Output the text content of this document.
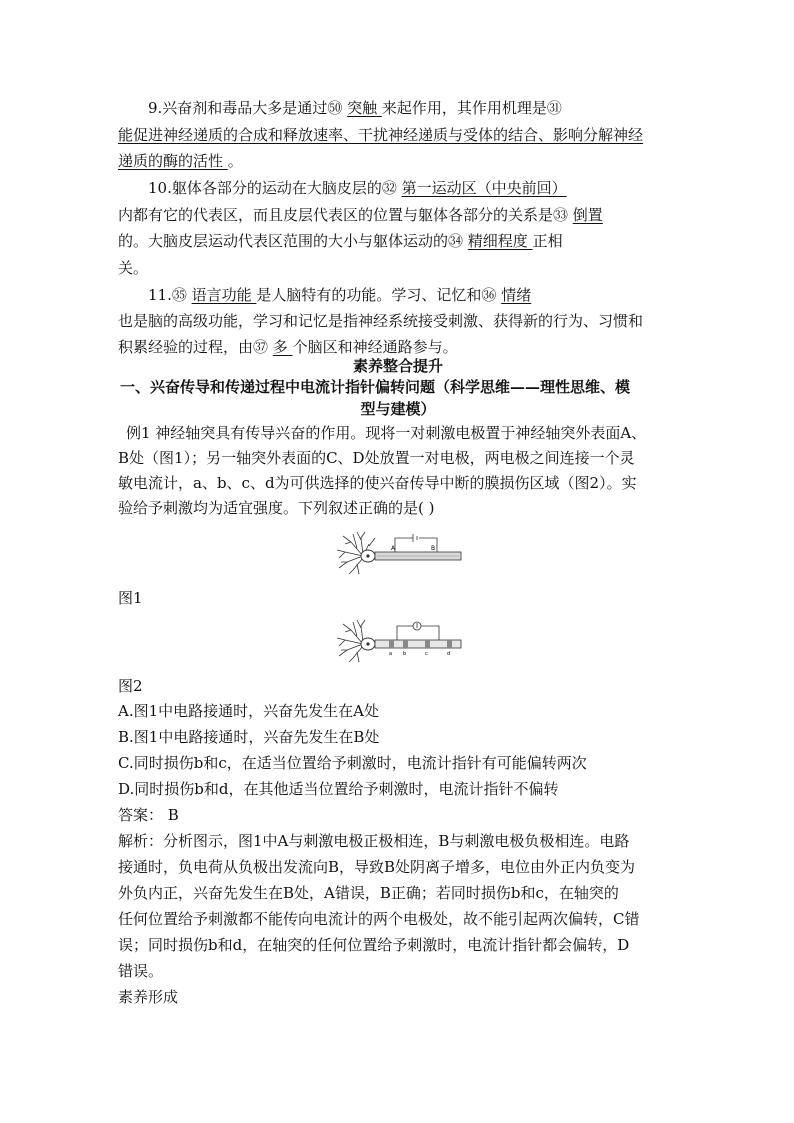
9.兴奋剂和毒品大多是通过㊿ 突触 来起作用，其作用机理是㉛
能促进神经递质的合成和释放速率、干扰神经递质与受体的结合、影响分解神经
递质的酶的活性 。
10.躯体各部分的运动在大脑皮层的㉜ 第一运动区（中央前回）
内都有它的代表区，而且皮层代表区的位置与躯体各部分的关系是㉝ 倒置
的。大脑皮层运动代表区范围的大小与躯体运动的㉞ 精细程度 正相
关。
11.㉟ 语言功能 是人脑特有的功能。学习、记忆和㊱ 情绪
也是脑的高级功能，学习和记忆是指神经系统接受刺激、获得新的行为、习惯和
积累经验的过程，由㊲ 多 个脑区和神经通路参与。
素养整合提升
一、兴奋传导和传递过程中电流计指针偏转问题（科学思维——理性思维、模
型与建模）
例1 神经轴突具有传导兴奋的作用。现将一对刺激电极置于神经轴突外表面A、
B处（图1）；另一轴突外表面的C、D处放置一对电极，两电极之间连接一个灵
敏电流计，a、b、c、d为可供选择的使兴奋传导中断的膜损伤区域（图2）。实
验给予刺激均为适宜强度。下列叙述正确的是( )
A	B
图1
a b	c	d
图2
A.图1中电路接通时，兴奋先发生在A处
B.图1中电路接通时，兴奋先发生在B处
C.同时损伤b和c，在适当位置给予刺激时，电流计指针有可能偏转两次
D.同时损伤b和d，在其他适当位置给予刺激时，电流计指针不偏转
答案： B
解析：分析图示，图1中A与刺激电极正极相连，B与刺激电极负极相连。电路
接通时，负电荷从负极出发流向B，导致B处阴离子增多，电位由外正内负变为
外负内正，兴奋先发生在B处，A错误，B正确；若同时损伤b和c，在轴突的
任何位置给予刺激都不能传向电流计的两个电极处，故不能引起两次偏转，C错
误；同时损伤b和d，在轴突的任何位置给予刺激时，电流计指针都会偏转，D
错误。
素养形成
